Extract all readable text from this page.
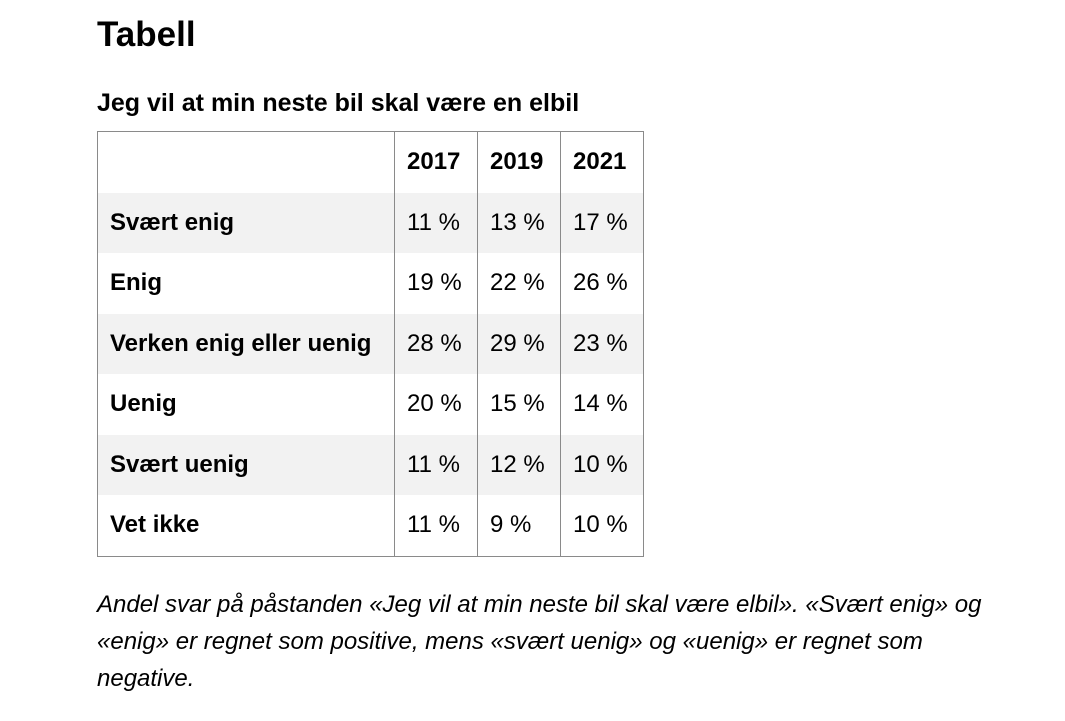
Tabell
Jeg vil at min neste bil skal være en elbil
	2017	2019	2021
Svært enig	11 %	13 %	17 %
Enig	19 %	22 %	26 %
Verken enig eller uenig	28 %	29 %	23 %
Uenig	20 %	15 %	14 %
Svært uenig	11 %	12 %	10 %
Vet ikke	11 %	9 %	10 %

Andel svar på påstanden «Jeg vil at min neste bil skal være elbil». «Svært enig» og «enig» er regnet som positive, mens «svært uenig» og «uenig» er regnet som negative.
